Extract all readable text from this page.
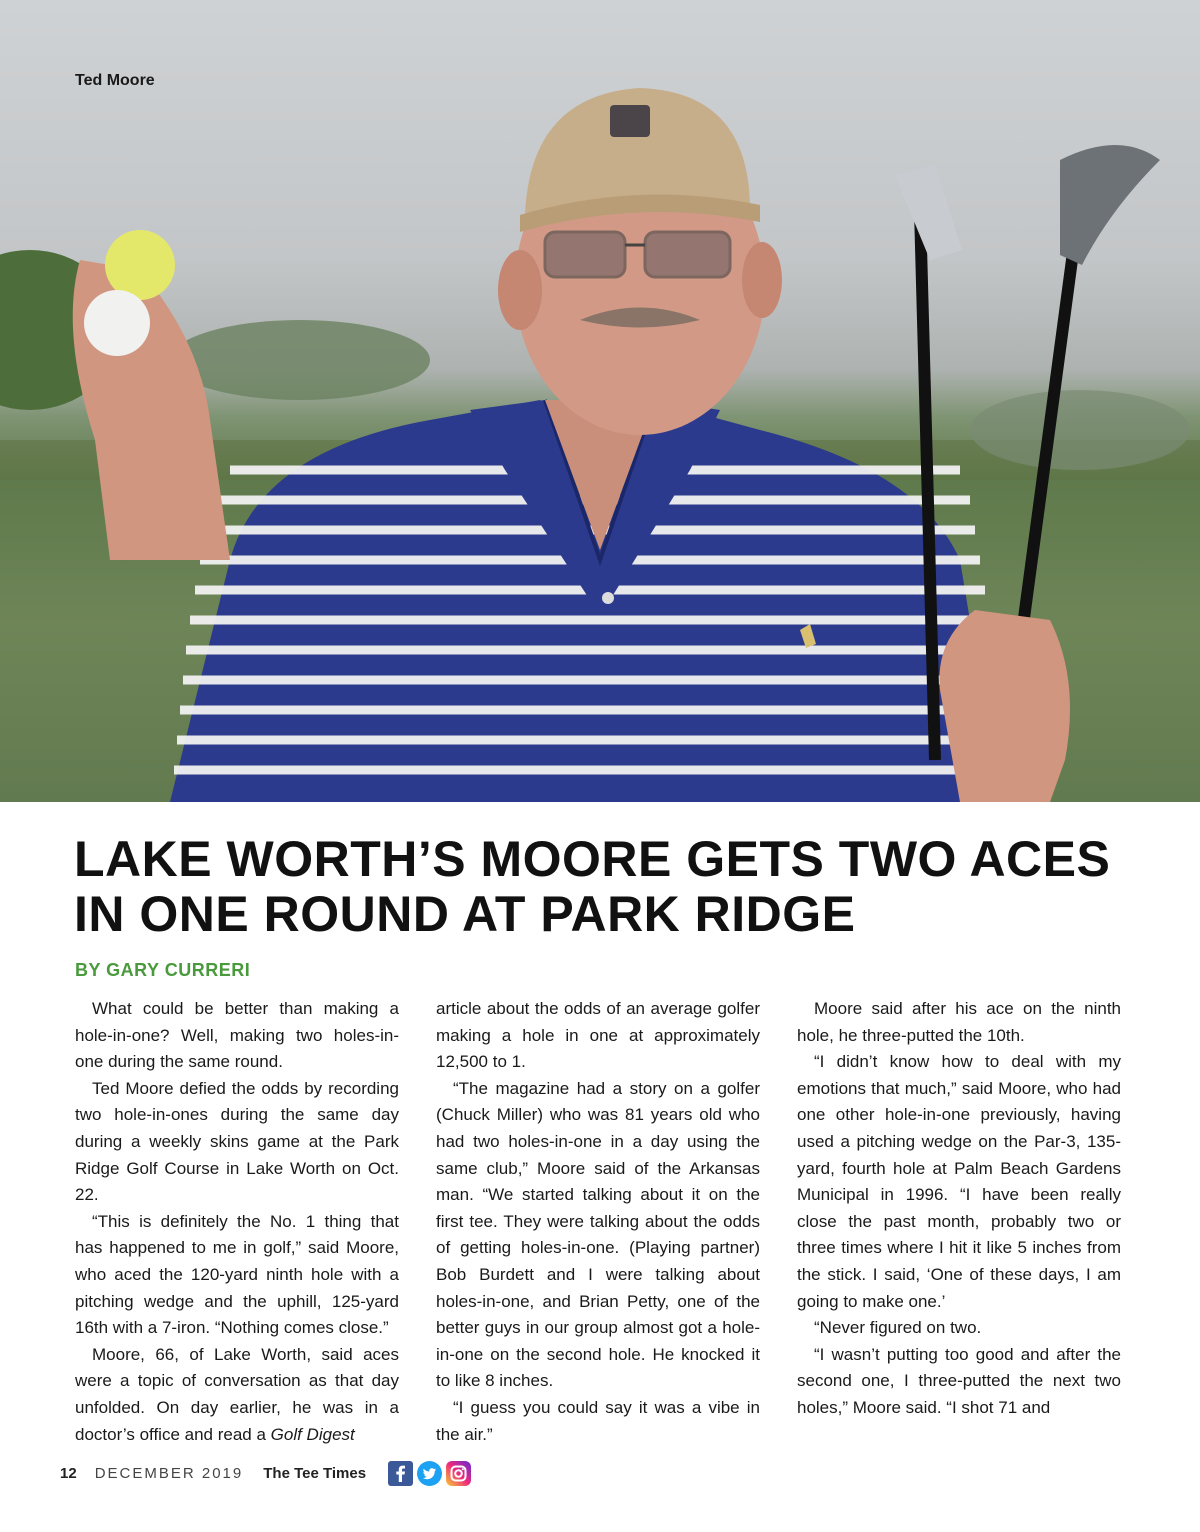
Ted Moore
LAKE WORTH’S MOORE GETS TWO ACES IN ONE ROUND AT PARK RIDGE
BY GARY CURRERI

What could be better than making a hole-in-one? Well, making two holes-in-one during the same round.

Ted Moore defied the odds by recording two hole-in-ones during the same day during a weekly skins game at the Park Ridge Golf Course in Lake Worth on Oct. 22.

“This is definitely the No. 1 thing that has happened to me in golf,” said Moore, who aced the 120-yard ninth hole with a pitching wedge and the uphill, 125-yard 16th with a 7-iron. “Nothing comes close.”

Moore, 66, of Lake Worth, said aces were a topic of conversation as that day unfolded. On day earlier, he was in a doctor’s office and read a Golf Digest

article about the odds of an average golfer making a hole in one at approximately 12,500 to 1.

“The magazine had a story on a golfer (Chuck Miller) who was 81 years old who had two holes-in-one in a day using the same club,” Moore said of the Arkansas man. “We started talking about it on the first tee. They were talking about the odds of getting holes-in-one. (Playing partner) Bob Burdett and I were talking about holes-in-one, and Brian Petty, one of the better guys in our group almost got a hole-in-one on the second hole. He knocked it to like 8 inches.

“I guess you could say it was a vibe in the air.”

Moore said after his ace on the ninth hole, he three-putted the 10th.

“I didn’t know how to deal with my emotions that much,” said Moore, who had one other hole-in-one previously, having used a pitching wedge on the Par-3, 135-yard, fourth hole at Palm Beach Gardens Municipal in 1996. “I have been really close the past month, probably two or three times where I hit it like 5 inches from the stick. I said, ‘One of these days, I am going to make one.’

“Never figured on two.

“I wasn’t putting too good and after the second one, I three-putted the next two holes,” Moore said. “I shot 71 and

12 DECEMBER 2019 The Tee Times
